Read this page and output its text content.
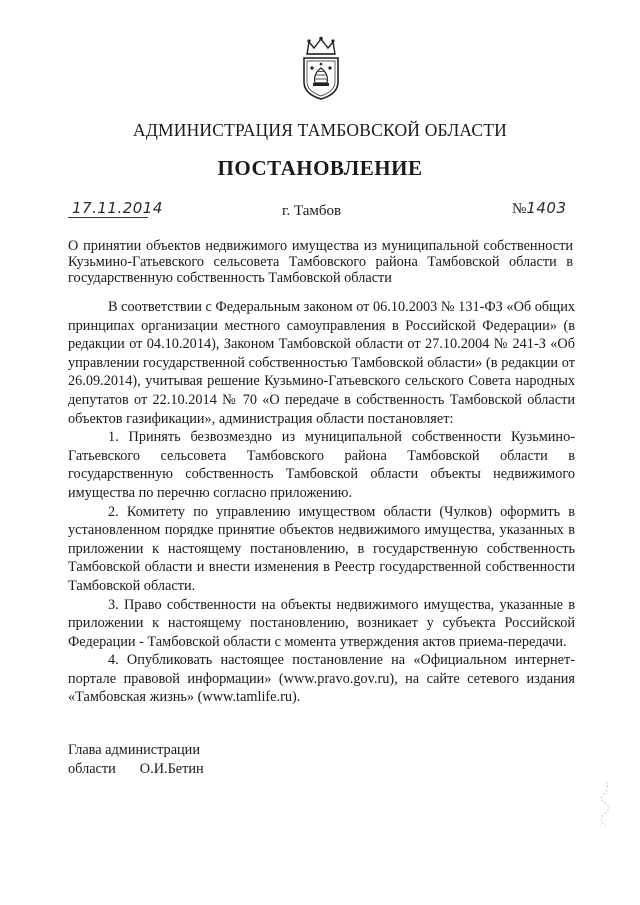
АДМИНИСТРАЦИЯ ТАМБОВСКОЙ ОБЛАСТИ
ПОСТАНОВЛЕНИЕ
17.11.2014	г. Тамбов	№1403
О принятии объектов недвижимого имущества из муниципальной собственности Кузьмино-Гатьевского сельсовета Тамбовского района Тамбовской области в государственную собственность Тамбовской области

В соответствии с Федеральным законом от 06.10.2003 № 131-ФЗ «Об общих принципах организации местного самоуправления в Российской Федерации» (в редакции от 04.10.2014), Законом Тамбовской области от 27.10.2004 № 241-З «Об управлении государственной собственностью Тамбовской области» (в редакции от 26.09.2014), учитывая решение Кузьмино-Гатьевского сельского Совета народных депутатов от 22.10.2014 № 70 «О передаче в собственность Тамбовской области объектов газификации», администрация области постановляет:

1. Принять безвозмездно из муниципальной собственности Кузьмино-Гатьевского сельсовета Тамбовского района Тамбовской области в государственную собственность Тамбовской области объекты недвижимого имущества по перечню согласно приложению.

2. Комитету по управлению имуществом области (Чулков) оформить в установленном порядке принятие объектов недвижимого имущества, указанных в приложении к настоящему постановлению, в государственную собственность Тамбовской области и внести изменения в Реестр государственной собственности Тамбовской области.

3. Право собственности на объекты недвижимого имущества, указанные в приложении к настоящему постановлению, возникает у субъекта Российской Федерации - Тамбовской области с момента утверждения актов приема-передачи.

4. Опубликовать настоящее постановление на «Официальном интернет-портале правовой информации» (www.pravo.gov.ru), на сайте сетевого издания «Тамбовская жизнь» (www.tamlife.ru).

Глава администрации
области О.И.Бетин
